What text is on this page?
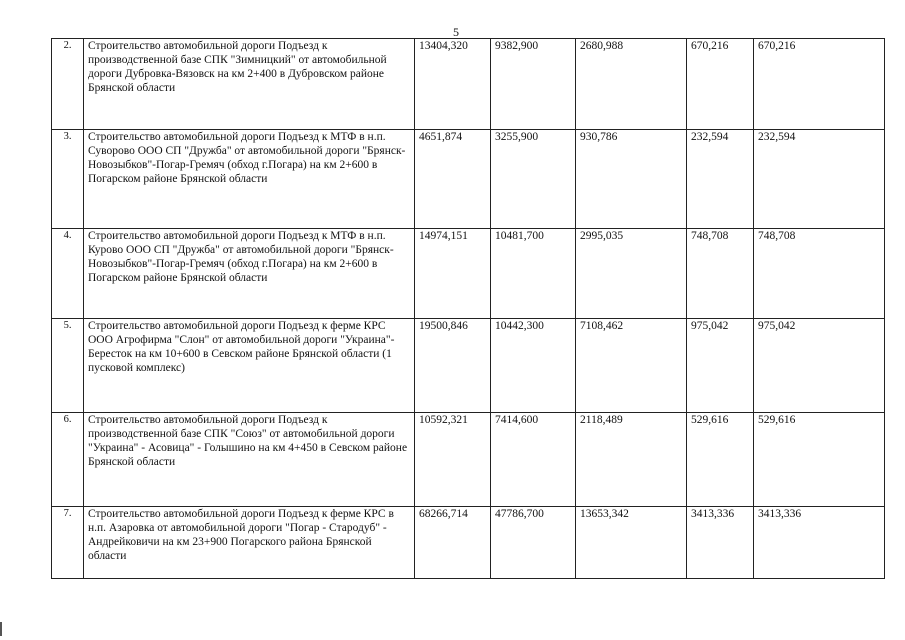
5
2.	Строительство автомобильной дороги Подъезд к производственной базе СПК "Зимницкий" от автомобильной дороги Дубровка-Вязовск на км 2+400 в Дубровском районе Брянской области	13404,320	9382,900	2680,988	670,216	670,216
3.	Строительство автомобильной дороги Подъезд к МТФ в н.п. Суворово ООО СП "Дружба" от автомобильной дороги "Брянск-Новозыбков"-Погар-Гремяч (обход г.Погара) на км 2+600 в Погарском районе Брянской области	4651,874	3255,900	930,786	232,594	232,594
4.	Строительство автомобильной дороги Подъезд к МТФ в н.п. Курово ООО СП "Дружба" от автомобильной дороги "Брянск-Новозыбков"-Погар-Гремяч (обход г.Погара) на км 2+600 в Погарском районе Брянской области	14974,151	10481,700	2995,035	748,708	748,708
5.	Строительство автомобильной дороги Подъезд к ферме КРС ООО Агрофирма "Слон" от автомобильной дороги "Украина"-Бересток на км 10+600 в Севском районе Брянской области (1 пусковой комплекс)	19500,846	10442,300	7108,462	975,042	975,042
6.	Строительство автомобильной дороги Подъезд к производственной базе СПК "Союз" от автомобильной дороги "Украина" - Асовица" - Голышино на км 4+450 в Севском районе Брянской области	10592,321	7414,600	2118,489	529,616	529,616
7.	Строительство автомобильной дороги Подъезд к ферме КРС в н.п. Азаровка от автомобильной дороги "Погар - Стародуб" - Андрейковичи на км 23+900 Погарского района Брянской области	68266,714	47786,700	13653,342	3413,336	3413,336
